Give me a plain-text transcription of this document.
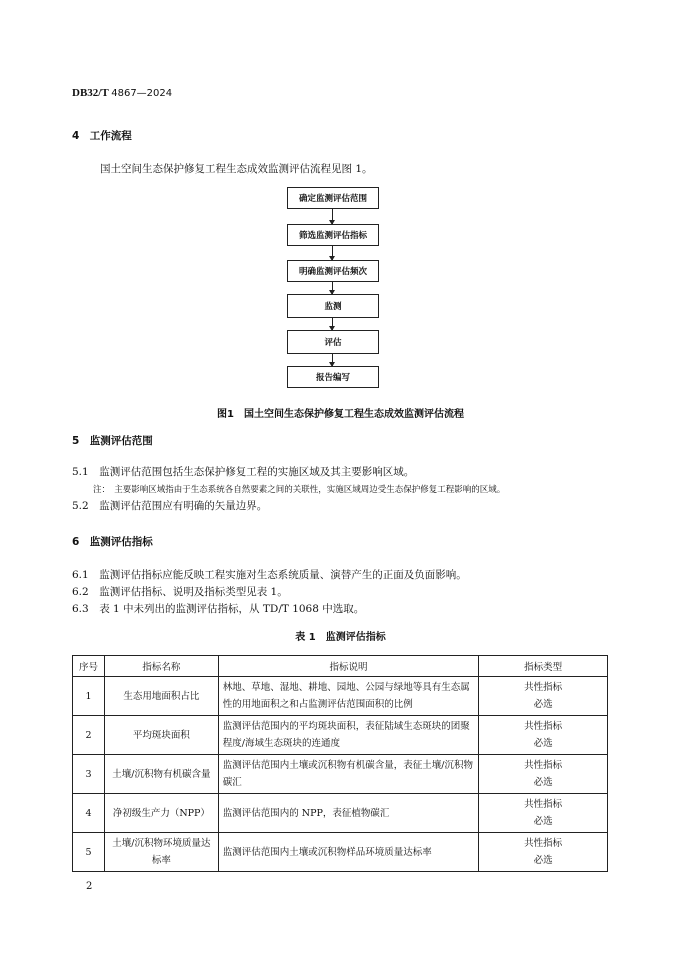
DB32/T 4867—2024
4　工作流程
国土空间生态保护修复工程生态成效监测评估流程见图 1。
确定监测评估范围
筛选监测评估指标
明确监测评估频次
监测
评估
报告编写
图1　国土空间生态保护修复工程生态成效监测评估流程
5　监测评估范围
5.1　监测评估范围包括生态保护修复工程的实施区域及其主要影响区域。
注：　主要影响区域指由于生态系统各自然要素之间的关联性，实施区域周边受生态保护修复工程影响的区域。
5.2　监测评估范围应有明确的矢量边界。
6　监测评估指标
6.1　监测评估指标应能反映工程实施对生态系统质量、演替产生的正面及负面影响。
6.2　监测评估指标、说明及指标类型见表 1。
6.3　表 1 中未列出的监测评估指标，从 TD/T 1068 中选取。
表 1　监测评估指标
序号	指标名称	指标说明	指标类型
1	生态用地面积占比	林地、草地、湿地、耕地、园地、公园与绿地等具有生态属性的用地面积之和占监测评估范围面积的比例	共性指标
必选
2	平均斑块面积	监测评估范围内的平均斑块面积，表征陆域生态斑块的团聚程度/海域生态斑块的连通度	共性指标
必选
3	土壤/沉积物有机碳含量	监测评估范围内土壤或沉积物有机碳含量，表征土壤/沉积物碳汇	共性指标
必选
4	净初级生产力（NPP）	监测评估范围内的 NPP，表征植物碳汇	共性指标
必选
5	土壤/沉积物环境质量达标率	监测评估范围内土壤或沉积物样品环境质量达标率	共性指标
必选
2
